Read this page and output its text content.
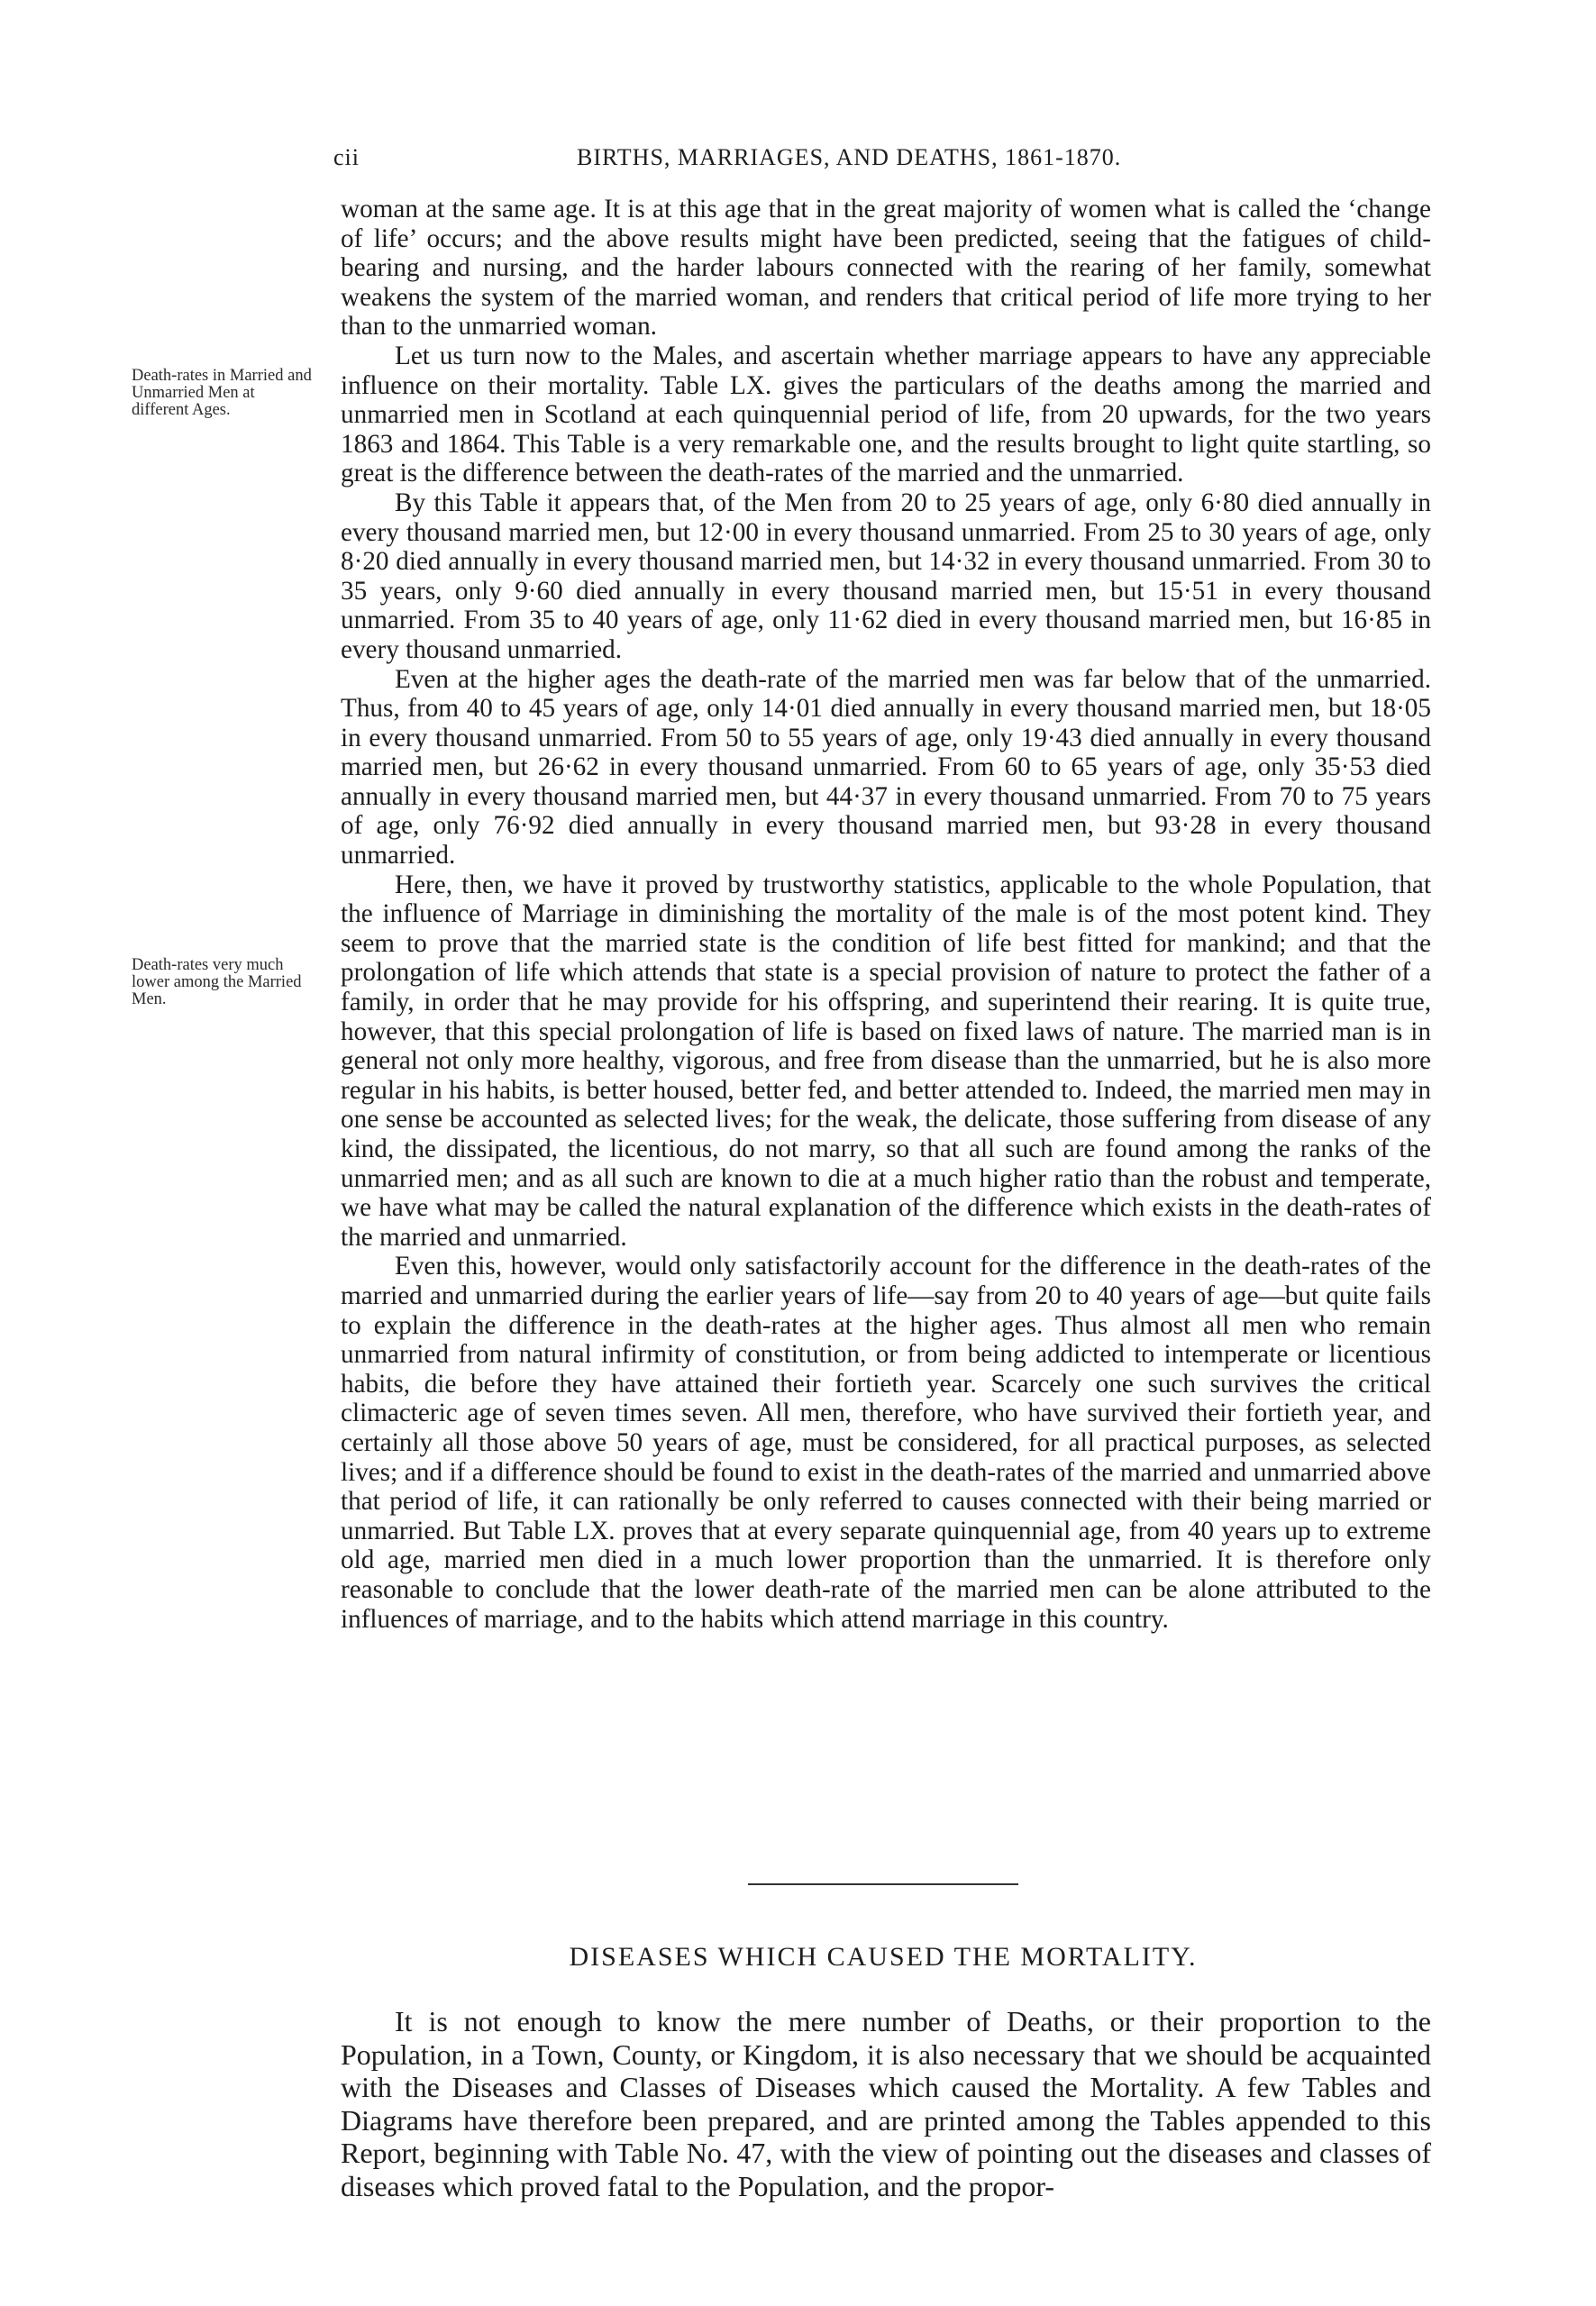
cii	BIRTHS, MARRIAGES, AND DEATHS, 1861-1870.
Death-rates in Married and Unmarried Men at different Ages.
Death-rates very much lower among the Married Men.

woman at the same age. It is at this age that in the great majority of women what is called the ‘change of life’ occurs; and the above results might have been predicted, seeing that the fatigues of child-bearing and nursing, and the harder labours connected with the rearing of her family, somewhat weakens the system of the married woman, and renders that critical period of life more trying to her than to the unmarried woman.

Let us turn now to the Males, and ascertain whether marriage appears to have any appreciable influence on their mortality. Table LX. gives the particulars of the deaths among the married and unmarried men in Scotland at each quinquennial period of life, from 20 upwards, for the two years 1863 and 1864. This Table is a very remarkable one, and the results brought to light quite startling, so great is the difference between the death-rates of the married and the unmarried.

By this Table it appears that, of the Men from 20 to 25 years of age, only 6·80 died annually in every thousand married men, but 12·00 in every thousand unmarried. From 25 to 30 years of age, only 8·20 died annually in every thousand married men, but 14·32 in every thousand unmarried. From 30 to 35 years, only 9·60 died annually in every thousand married men, but 15·51 in every thousand unmarried. From 35 to 40 years of age, only 11·62 died in every thousand married men, but 16·85 in every thousand unmarried.

Even at the higher ages the death-rate of the married men was far below that of the unmarried. Thus, from 40 to 45 years of age, only 14·01 died annually in every thousand married men, but 18·05 in every thousand unmarried. From 50 to 55 years of age, only 19·43 died annually in every thousand married men, but 26·62 in every thousand unmarried. From 60 to 65 years of age, only 35·53 died annually in every thousand married men, but 44·37 in every thousand unmarried. From 70 to 75 years of age, only 76·92 died annually in every thousand married men, but 93·28 in every thousand unmarried.

Here, then, we have it proved by trustworthy statistics, applicable to the whole Population, that the influence of Marriage in diminishing the mortality of the male is of the most potent kind. They seem to prove that the married state is the condition of life best fitted for mankind; and that the prolongation of life which attends that state is a special provision of nature to protect the father of a family, in order that he may provide for his offspring, and superintend their rearing. It is quite true, however, that this special prolongation of life is based on fixed laws of nature. The married man is in general not only more healthy, vigorous, and free from disease than the unmarried, but he is also more regular in his habits, is better housed, better fed, and better attended to. Indeed, the married men may in one sense be accounted as selected lives; for the weak, the delicate, those suffering from disease of any kind, the dissipated, the licentious, do not marry, so that all such are found among the ranks of the unmarried men; and as all such are known to die at a much higher ratio than the robust and temperate, we have what may be called the natural explanation of the difference which exists in the death-rates of the married and unmarried.

Even this, however, would only satisfactorily account for the difference in the death-rates of the married and unmarried during the earlier years of life—say from 20 to 40 years of age—but quite fails to explain the difference in the death-rates at the higher ages. Thus almost all men who remain unmarried from natural infirmity of constitution, or from being addicted to intemperate or licentious habits, die before they have attained their fortieth year. Scarcely one such survives the critical climacteric age of seven times seven. All men, therefore, who have survived their fortieth year, and certainly all those above 50 years of age, must be considered, for all practical purposes, as selected lives; and if a difference should be found to exist in the death-rates of the married and unmarried above that period of life, it can rationally be only referred to causes connected with their being married or unmarried. But Table LX. proves that at every separate quinquennial age, from 40 years up to extreme old age, married men died in a much lower proportion than the unmarried. It is therefore only reasonable to conclude that the lower death-rate of the married men can be alone attributed to the influences of marriage, and to the habits which attend marriage in this country.

DISEASES WHICH CAUSED THE MORTALITY.

It is not enough to know the mere number of Deaths, or their proportion to the Population, in a Town, County, or Kingdom, it is also necessary that we should be acquainted with the Diseases and Classes of Diseases which caused the Mortality. A few Tables and Diagrams have therefore been prepared, and are printed among the Tables appended to this Report, beginning with Table No. 47, with the view of pointing out the diseases and classes of diseases which proved fatal to the Population, and the propor-
